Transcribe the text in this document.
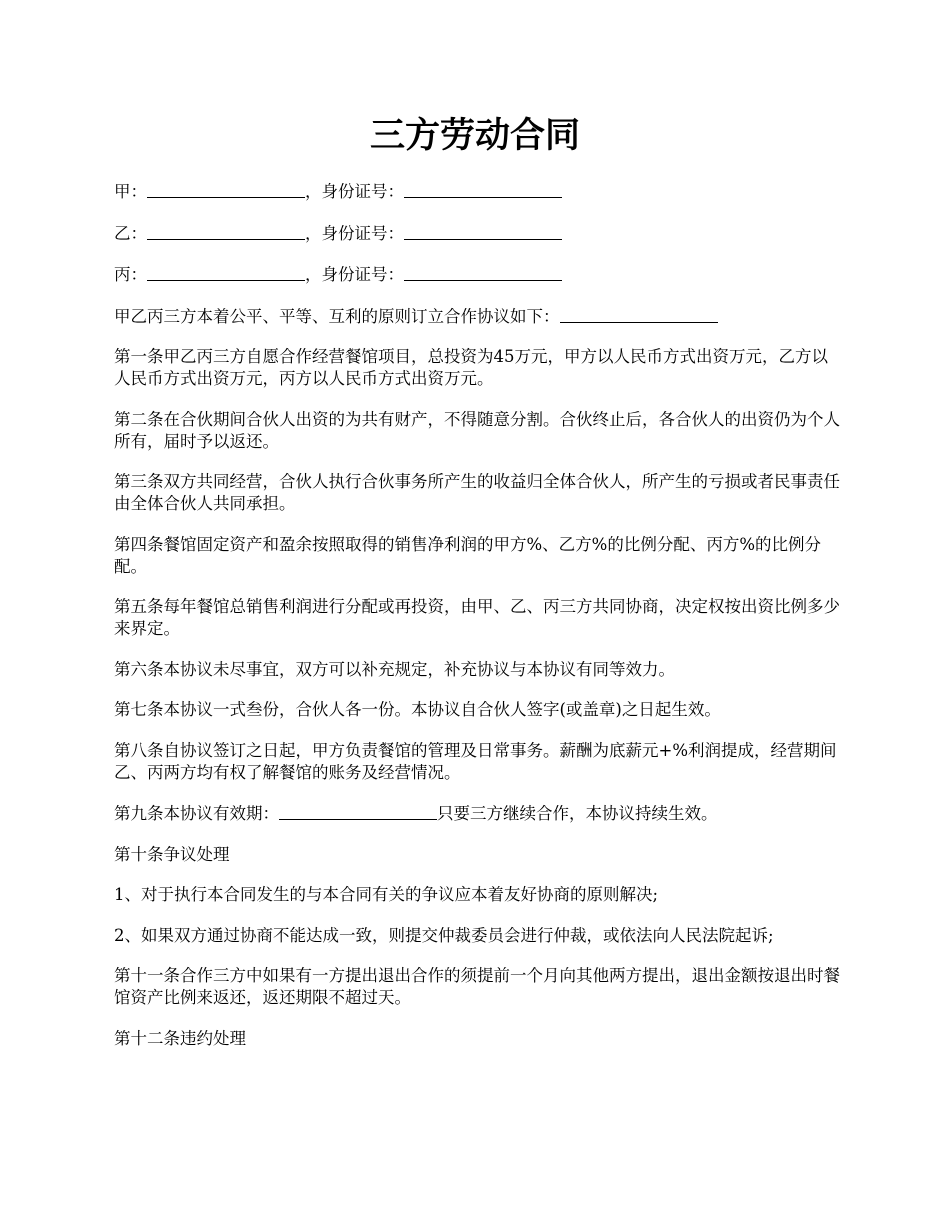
三方劳动合同

甲：	，身份证号：

乙：	，身份证号：

丙：	，身份证号：

甲乙丙三方本着公平、平等、互利的原则订立合作协议如下：

第一条甲乙丙三方自愿合作经营餐馆项目，总投资为45万元，甲方以人民币方式出资万元，乙方以人民币方式出资万元，丙方以人民币方式出资万元。

第二条在合伙期间合伙人出资的为共有财产，不得随意分割。合伙终止后，各合伙人的出资仍为个人所有，届时予以返还。

第三条双方共同经营，合伙人执行合伙事务所产生的收益归全体合伙人，所产生的亏损或者民事责任由全体合伙人共同承担。

第四条餐馆固定资产和盈余按照取得的销售净利润的甲方%、乙方%的比例分配、丙方%的比例分配。

第五条每年餐馆总销售利润进行分配或再投资，由甲、乙、丙三方共同协商，决定权按出资比例多少来界定。

第六条本协议未尽事宜，双方可以补充规定，补充协议与本协议有同等效力。

第七条本协议一式叁份，合伙人各一份。本协议自合伙人签字(或盖章)之日起生效。

第八条自协议签订之日起，甲方负责餐馆的管理及日常事务。薪酬为底薪元+%利润提成，经营期间乙、丙两方均有权了解餐馆的账务及经营情况。

第九条本协议有效期：	只要三方继续合作，本协议持续生效。

第十条争议处理

1、对于执行本合同发生的与本合同有关的争议应本着友好协商的原则解决;

2、如果双方通过协商不能达成一致，则提交仲裁委员会进行仲裁，或依法向人民法院起诉;

第十一条合作三方中如果有一方提出退出合作的须提前一个月向其他两方提出，退出金额按退出时餐馆资产比例来返还，返还期限不超过天。

第十二条违约处理
